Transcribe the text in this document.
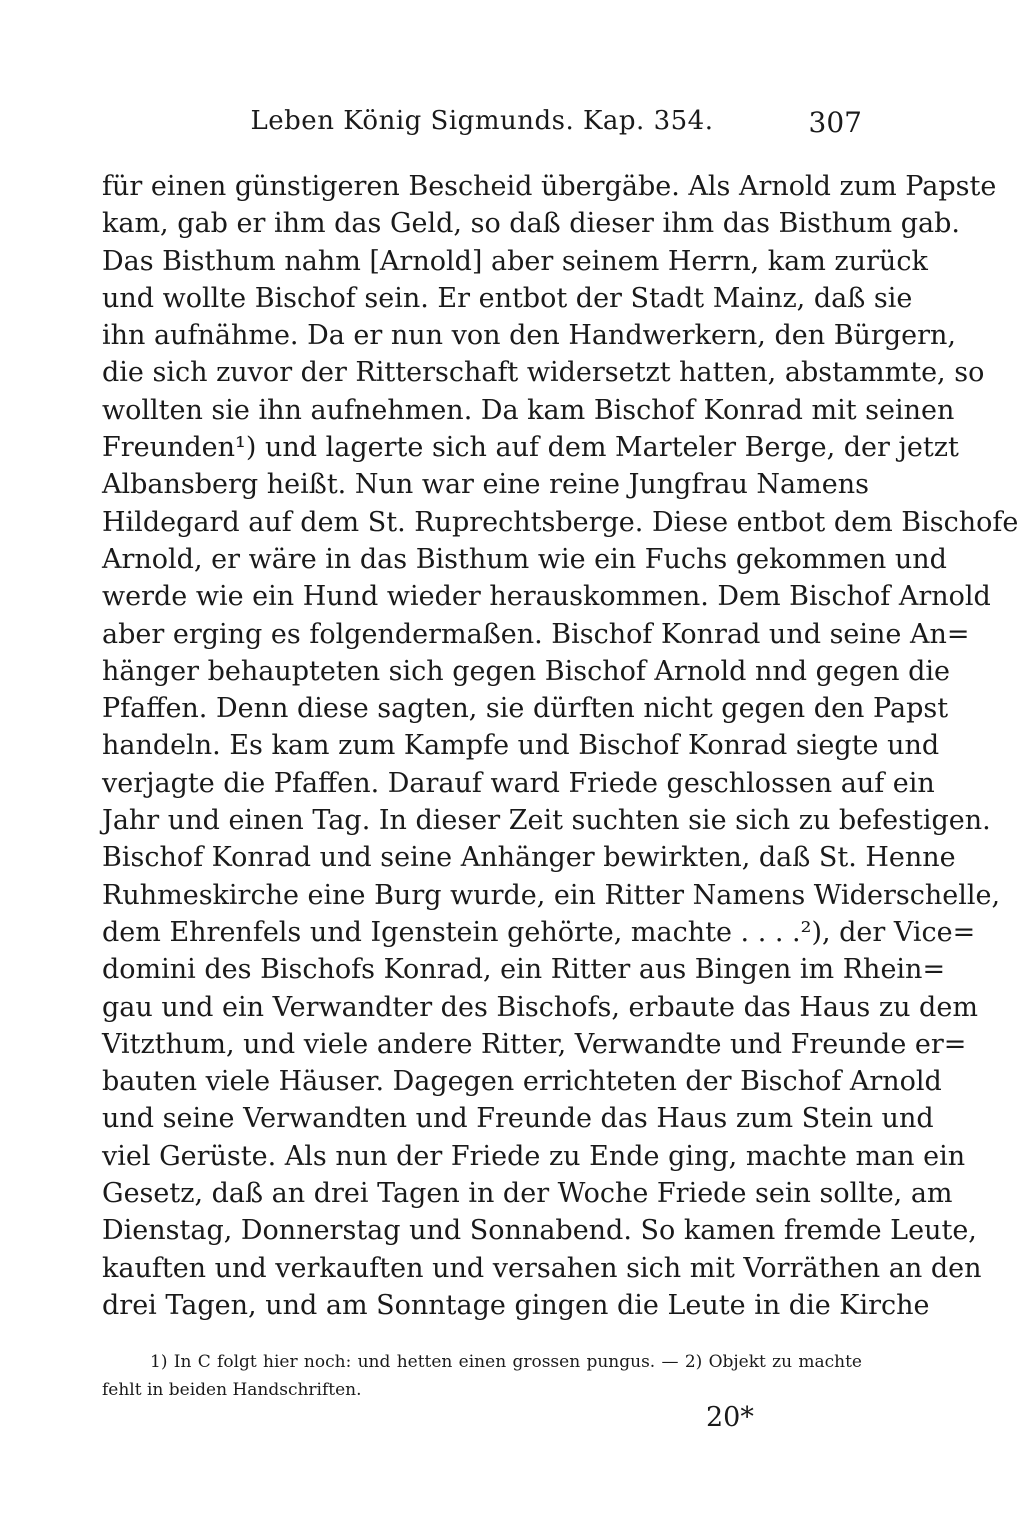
Leben König Sigmunds. Kap. 354.	307
für einen günstigeren Bescheid übergäbe. Als Arnold zum Papste
kam, gab er ihm das Geld, so daß dieser ihm das Bisthum gab.
Das Bisthum nahm [Arnold] aber seinem Herrn, kam zurück
und wollte Bischof sein. Er entbot der Stadt Mainz, daß sie
ihn aufnähme. Da er nun von den Handwerkern, den Bürgern,
die sich zuvor der Ritterschaft widersetzt hatten, abstammte, so
wollten sie ihn aufnehmen. Da kam Bischof Konrad mit seinen
Freunden¹) und lagerte sich auf dem Marteler Berge, der jetzt
Albansberg heißt. Nun war eine reine Jungfrau Namens
Hildegard auf dem St. Ruprechtsberge. Diese entbot dem Bischofe
Arnold, er wäre in das Bisthum wie ein Fuchs gekommen und
werde wie ein Hund wieder herauskommen. Dem Bischof Arnold
aber erging es folgendermaßen. Bischof Konrad und seine An=
hänger behaupteten sich gegen Bischof Arnold nnd gegen die
Pfaffen. Denn diese sagten, sie dürften nicht gegen den Papst
handeln. Es kam zum Kampfe und Bischof Konrad siegte und
verjagte die Pfaffen. Darauf ward Friede geschlossen auf ein
Jahr und einen Tag. In dieser Zeit suchten sie sich zu befestigen.
Bischof Konrad und seine Anhänger bewirkten, daß St. Henne
Ruhmeskirche eine Burg wurde, ein Ritter Namens Widerschelle,
dem Ehrenfels und Igenstein gehörte, machte . . . .²), der Vice=
domini des Bischofs Konrad, ein Ritter aus Bingen im Rhein=
gau und ein Verwandter des Bischofs, erbaute das Haus zu dem
Vitzthum, und viele andere Ritter, Verwandte und Freunde er=
bauten viele Häuser. Dagegen errichteten der Bischof Arnold
und seine Verwandten und Freunde das Haus zum Stein und
viel Gerüste. Als nun der Friede zu Ende ging, machte man ein
Gesetz, daß an drei Tagen in der Woche Friede sein sollte, am
Dienstag, Donnerstag und Sonnabend. So kamen fremde Leute,
kauften und verkauften und versahen sich mit Vorräthen an den
drei Tagen, und am Sonntage gingen die Leute in die Kirche
1) In C folgt hier noch: und hetten einen grossen pungus. — 2) Objekt zu machte
fehlt in beiden Handschriften.
20*
